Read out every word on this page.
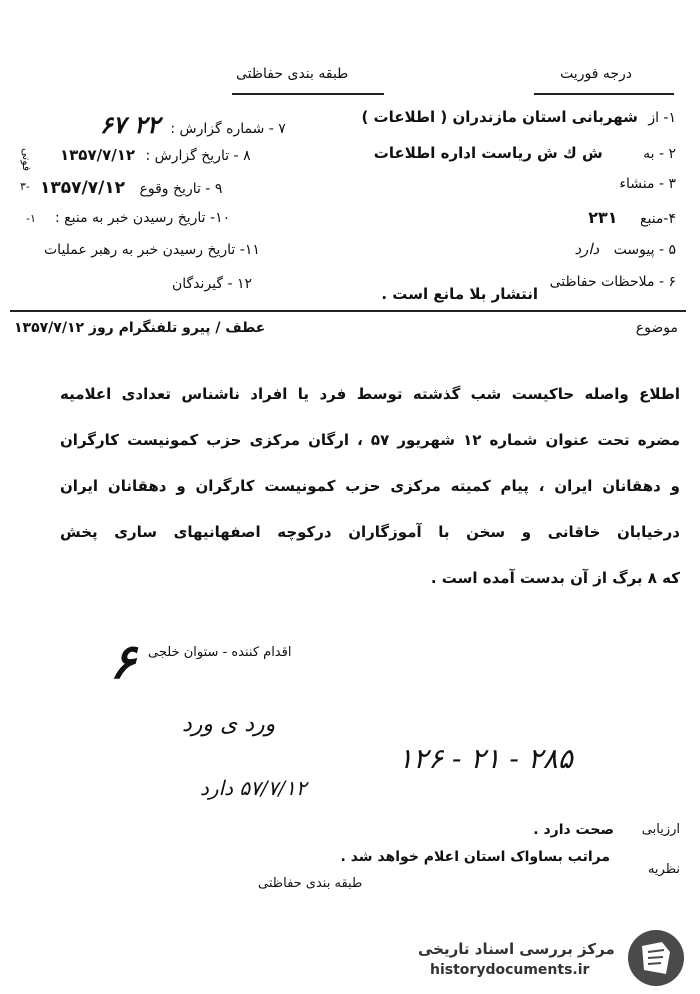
درجه فوریت
طبقه بندی حفاظتی
۱- از شهربانی استان مازندران ( اطلاعات )
۷ - شماره گزارش : ۲۲ ۶۷
۲ - به ش ك ش ریاست اداره اطلاعات
۸ - تاریخ گزارش : ۱۳۵۷/۷/۱۲
فوتی
۳ - منشاء
۹ - تاریخ وقوع ۱۳۵۷/۷/۱۲
۳-
۴-منبع ۲۳۱
۱۰- تاریخ رسیدن خبر به منبع :
-۱
۵ - پیوست دارد
۱۱- تاریخ رسیدن خبر به رهبر عملیات
۶ - ملاحظات حفاظتی
انتشار بلا مانع است .
۱۲ - گیرندگان
موضوع
عطف / پیرو تلفنگرام روز ۱۳۵۷/۷/۱۲
اطلاع واصله حاکیست شب گذشته توسط فرد یا افراد ناشناس تعدادی اعلامیه
مضره تحت عنوان شماره ۱۲ شهریور ۵۷ ، ارگان مرکزی حزب کمونیست کارگران
و دهقانان ایران ، پیام کمیته مرکزی حزب کمونیست کارگران و دهقانان ایران
درخیابان خاقانی و سخن با آموزگاران درکوچه اصفهانیهای ساری پخش
که ۸ برگ از آن بدست آمده است .
اقدام کننده - ستوان خلجی
۶
ورد ی ورد
۵۷/۷/۱۲ دارد
۱۲۶ - ۲۱ - ۲۸۵
ارزیابی
صحت دارد .
نظریه
مراتب بساواک استان اعلام خواهد شد .
طبقه بندی حفاظتی
مرکز بررسی اسناد تاریخی
historydocuments.ir
